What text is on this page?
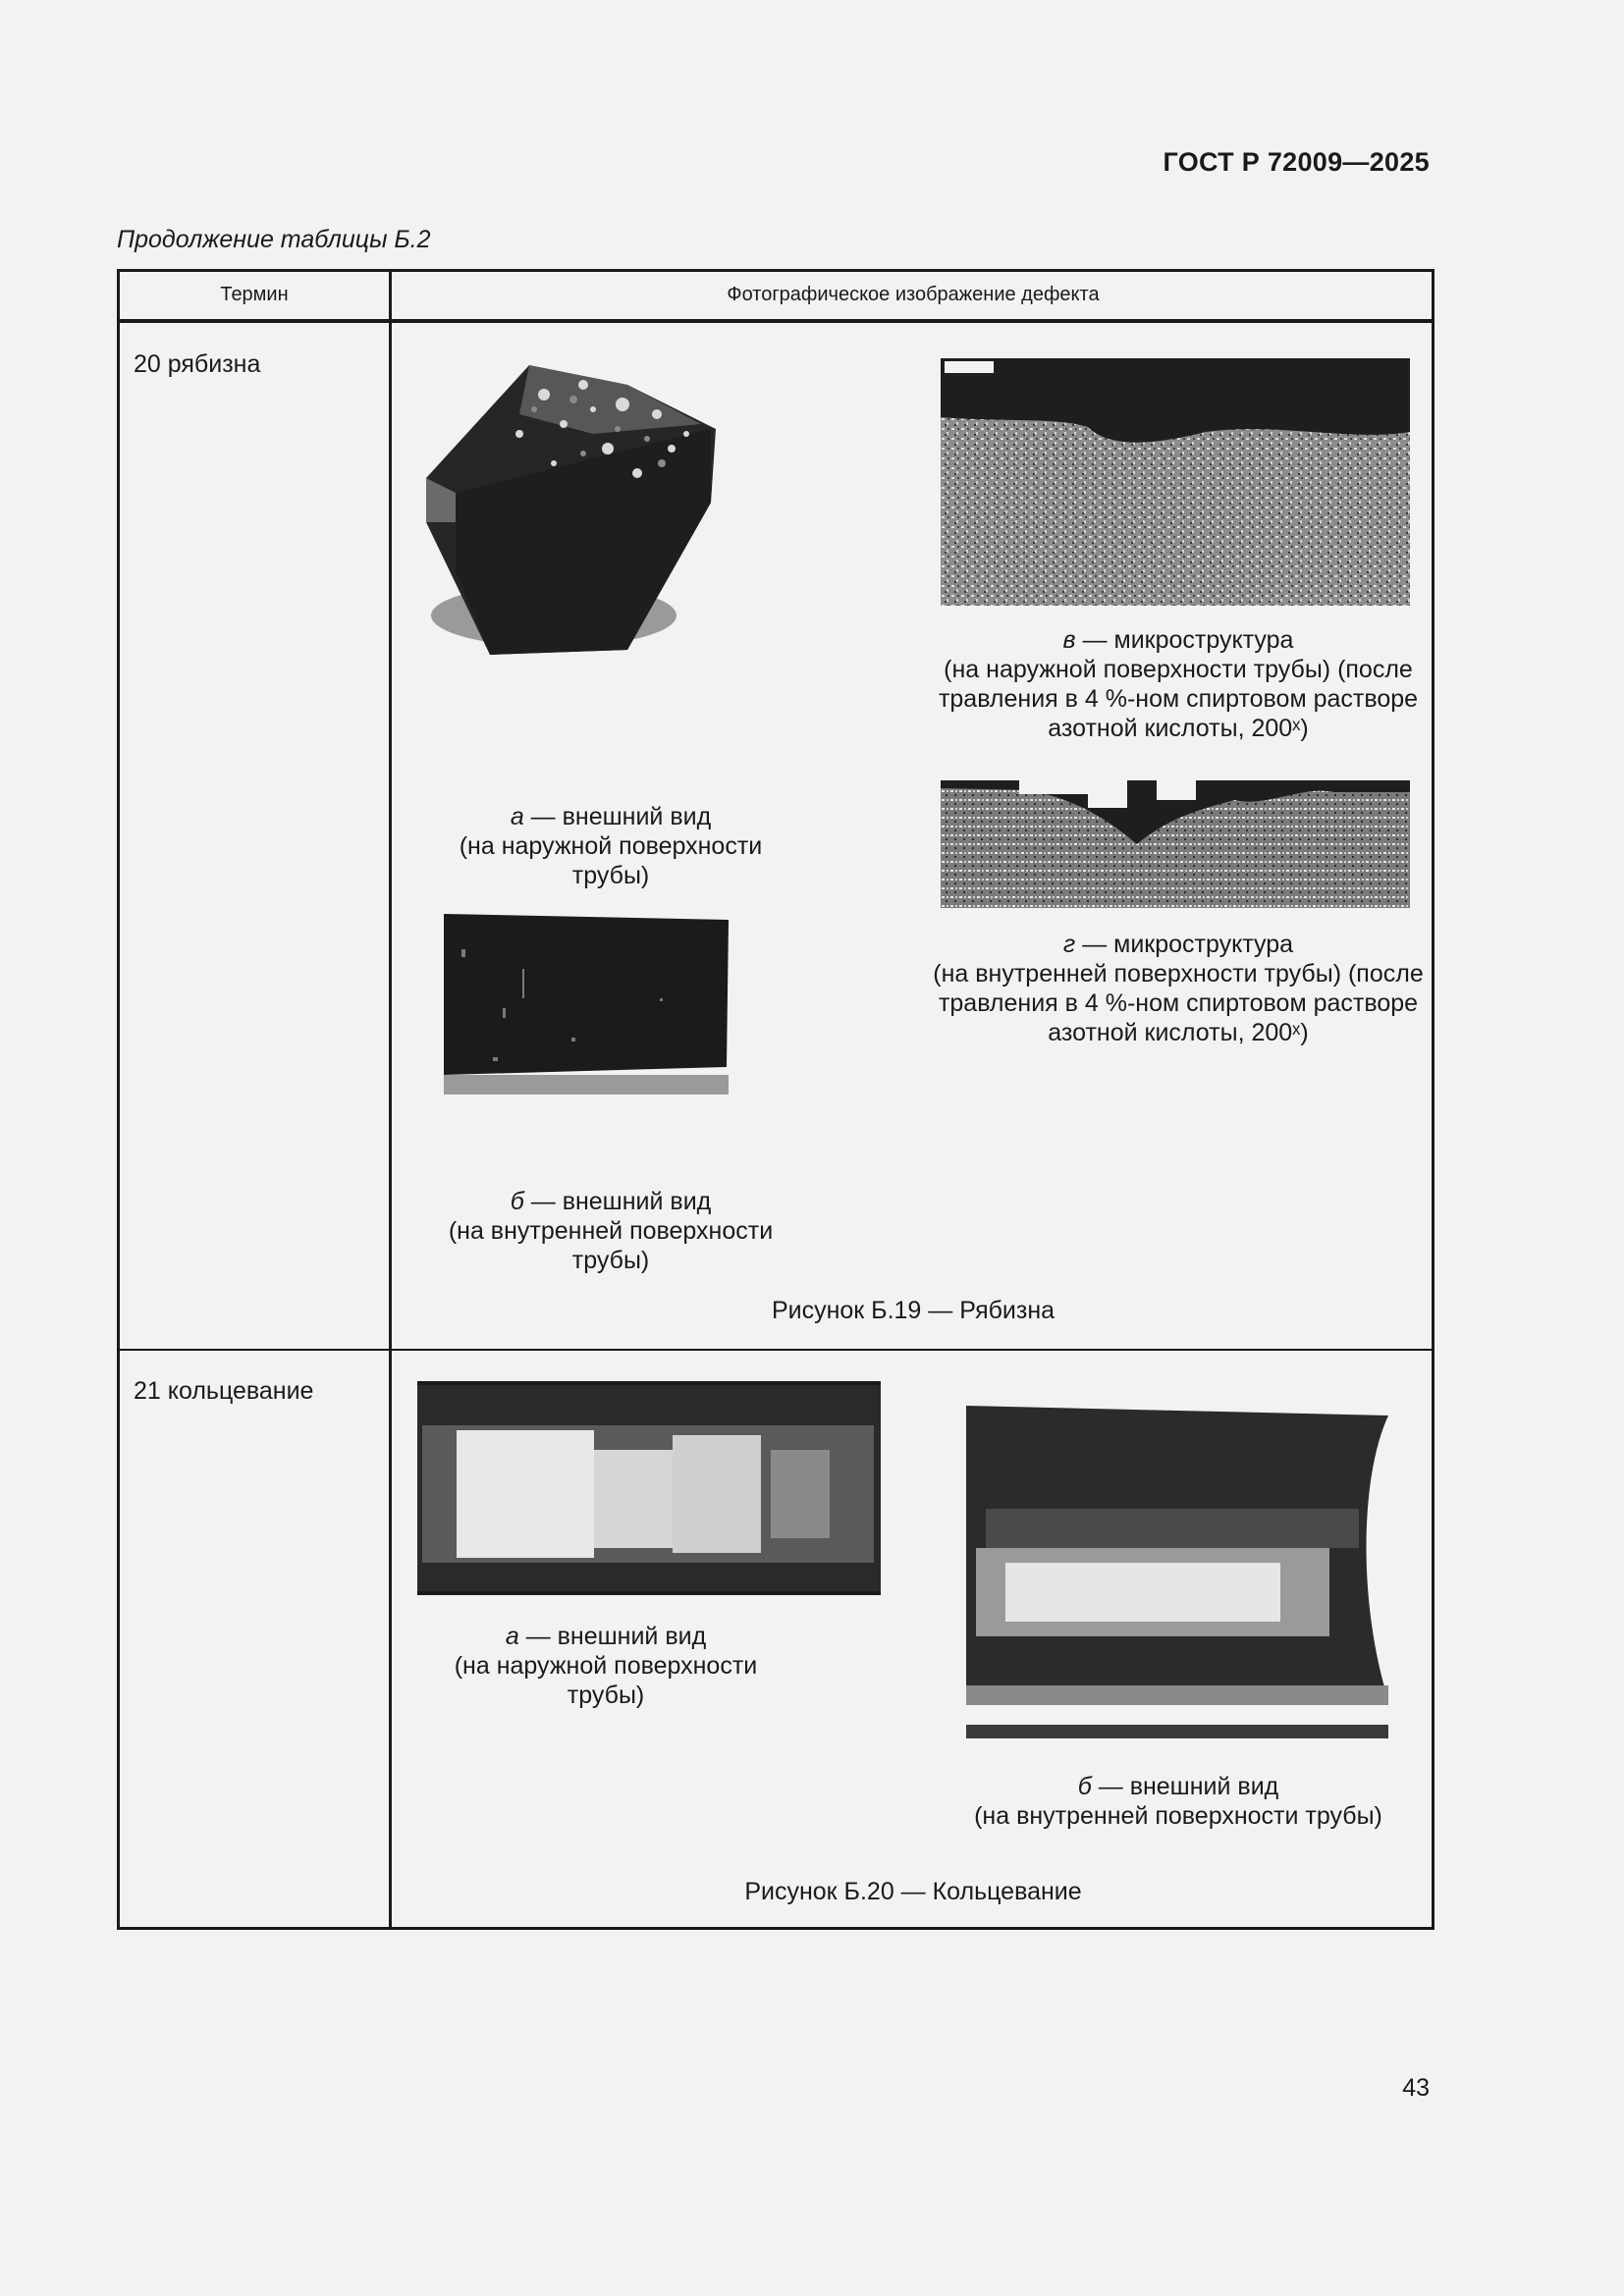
ГОСТ Р 72009—2025
Продолжение таблицы Б.2
Термин	Фотографическое изображение дефекта
20 рябизна
а — внешний вид
(на наружной поверхности трубы)
б — внешний вид
(на внутренней поверхности трубы)
в — микроструктура
(на наружной поверхности трубы) (после
травления в 4 %-ном спиртовом растворе
азотной кислоты, 200ˣ)
г — микроструктура
(на внутренней поверхности трубы) (после
травления в 4 %-ном спиртовом растворе
азотной кислоты, 200ˣ)
Рисунок Б.19 — Рябизна
21 кольцевание
а — внешний вид
(на наружной поверхности трубы)
б — внешний вид
(на внутренней поверхности трубы)
Рисунок Б.20 — Кольцевание
43
